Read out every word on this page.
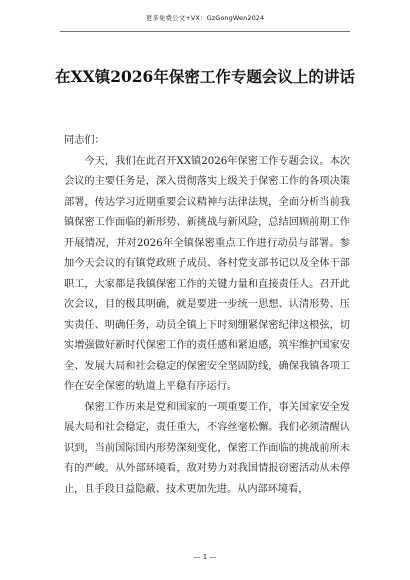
更多免费公文+VX：GzGongWen2024
在XX镇2026年保密工作专题会议上的讲话

同志们：

今天，我们在此召开XX镇2026年保密工作专题会议。本次会议的主要任务是，深入贯彻落实上级关于保密工作的各项决策部署，传达学习近期重要会议精神与法律法规，全面分析当前我镇保密工作面临的新形势、新挑战与新风险，总结回顾前期工作开展情况，并对2026年全镇保密重点工作进行动员与部署。参加今天会议的有镇党政班子成员、各村党支部书记以及全体干部职工，大家都是我镇保密工作的关键力量和直接责任人。召开此次会议，目的极其明确，就是要进一步统一思想、认清形势、压实责任、明确任务，动员全镇上下时刻绷紧保密纪律这根弦，切实增强做好新时代保密工作的责任感和紧迫感，筑牢维护国家安全、发展大局和社会稳定的保密安全坚固防线，确保我镇各项工作在安全保密的轨道上平稳有序运行。

保密工作历来是党和国家的一项重要工作，事关国家安全发展大局和社会稳定，责任重大，不容丝毫松懈。我们必须清醒认识到，当前国际国内形势深刻变化，保密工作面临的挑战前所未有的严峻。从外部环境看，敌对势力对我国情报窃密活动从未停止，且手段日益隐蔽、技术更加先进。从内部环境看，

— 1 —
